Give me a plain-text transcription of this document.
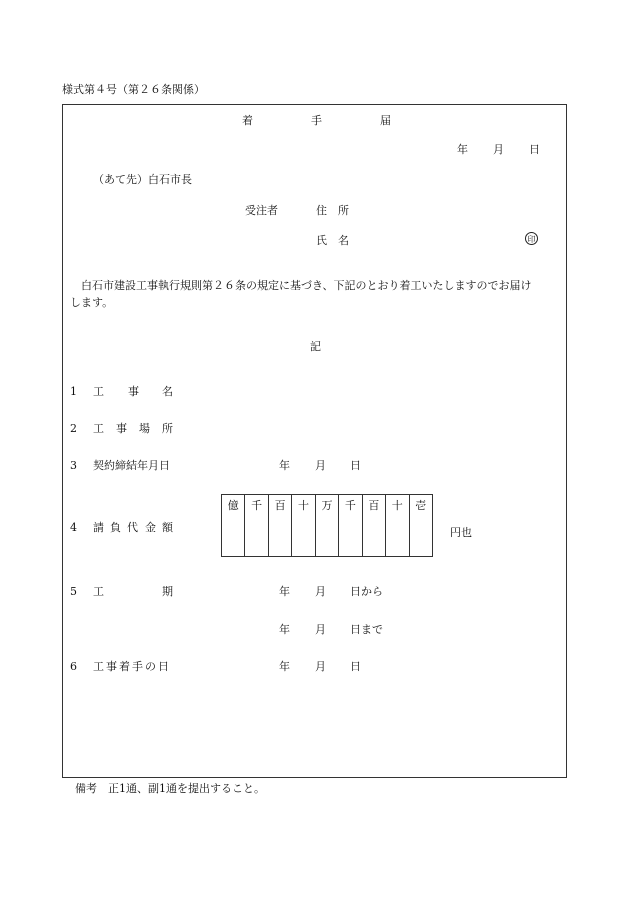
様式第４号（第２６条関係）
着	手	届
年 月 日
（あて先）白石市長
受注者	住　所
氏　名	印
　白石市建設工事執行規則第２６条の規定に基づき、下記のとおり着工いたしますのでお届け
します。
記
1 工 事 名
2 工 事 場 所
3 契約締結年月日	年 月 日
4 請 負 代 金 額
億	千	百	十	万	千	百	十	壱
円也
5 工	期	年 月 日から
年 月 日まで
6 工事着手の日	年 月 日
備考　正1通、副1通を提出すること。
